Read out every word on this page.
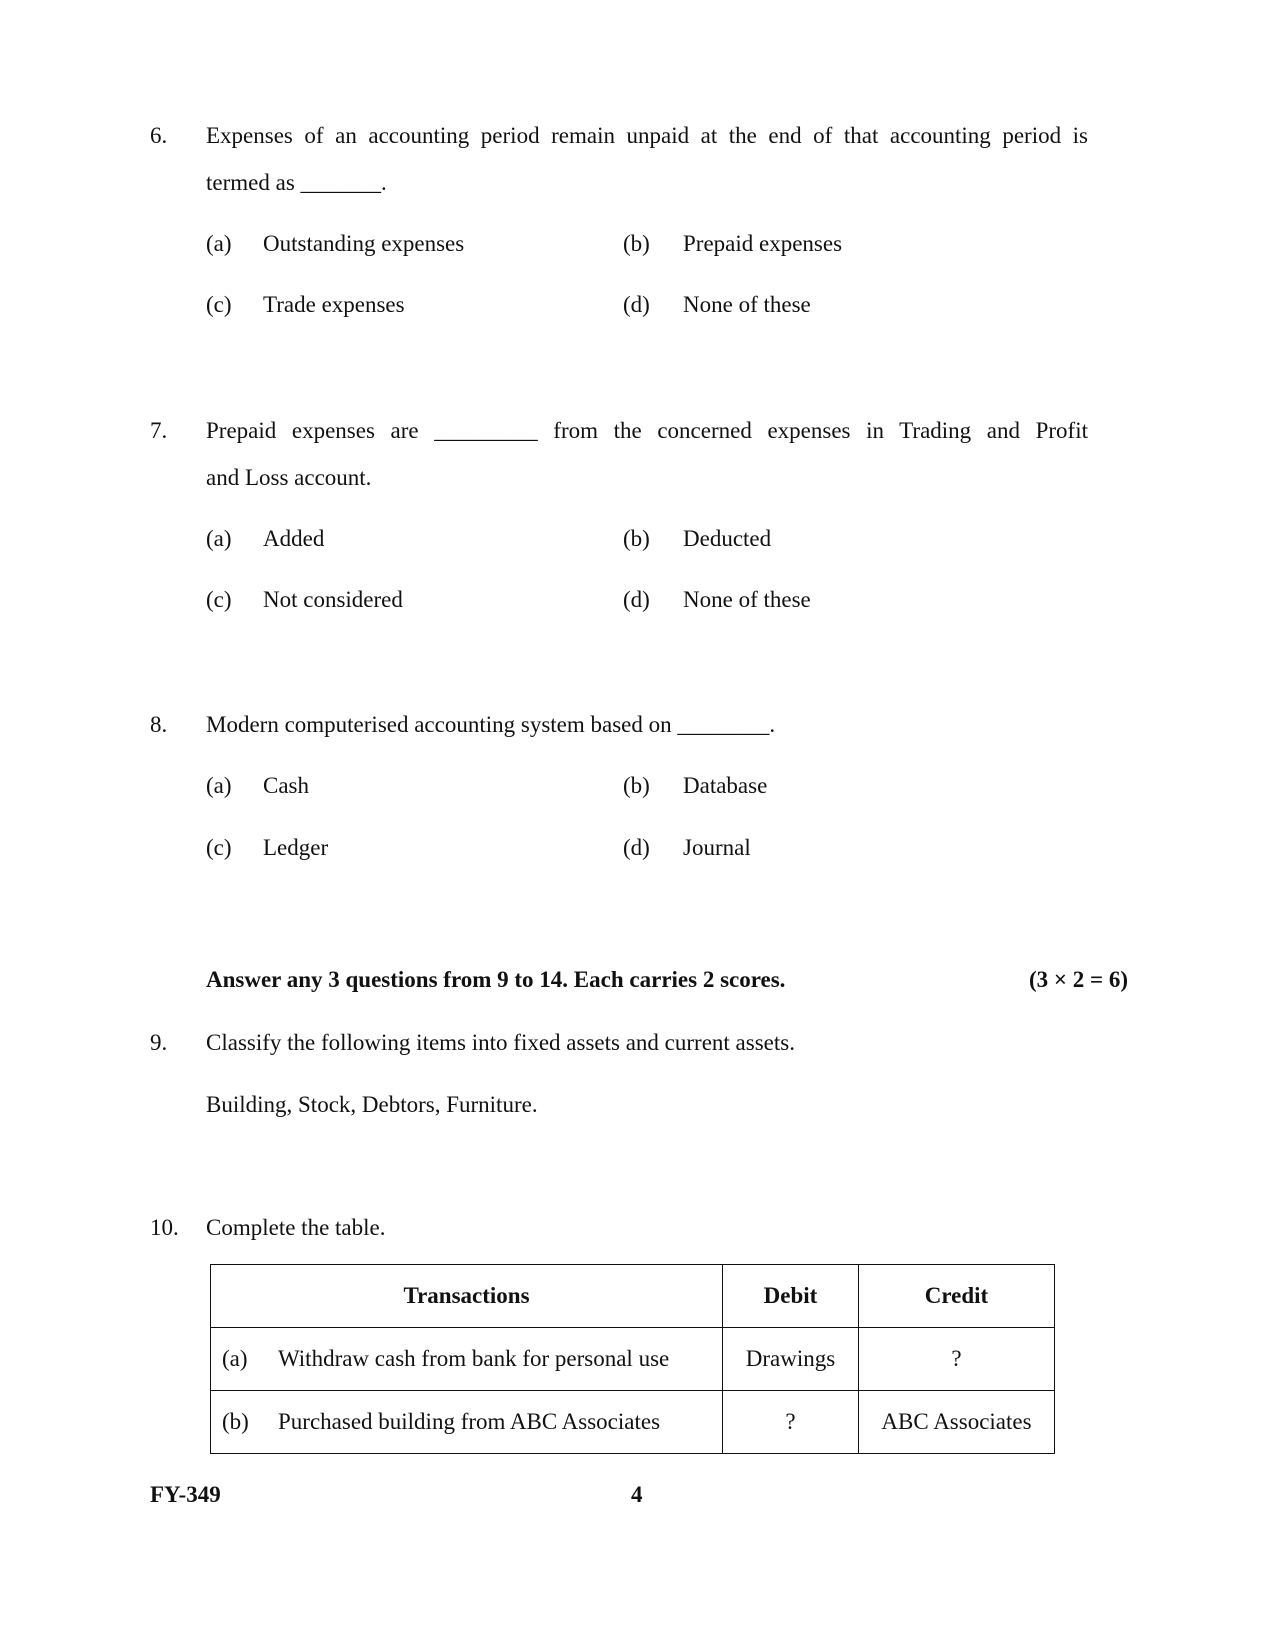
6. Expenses of an accounting period remain unpaid at the end of that accounting period is
termed as _______.
(a) Outstanding expenses	(b) Prepaid expenses
(c) Trade expenses	(d) None of these
7. Prepaid expenses are _________ from the concerned expenses in Trading and Profit
and Loss account.
(a) Added	(b) Deducted
(c) Not considered	(d) None of these
8. Modern computerised accounting system based on ________.
(a) Cash	(b) Database
(c) Ledger	(d) Journal
Answer any 3 questions from 9 to 14. Each carries 2 scores.	(3 × 2 = 6)
9. Classify the following items into fixed assets and current assets.
Building, Stock, Debtors, Furniture.
10. Complete the table.
Transactions	Debit	Credit
(a) Withdraw cash from bank for personal use	Drawings	?
(b) Purchased building from ABC Associates	?	ABC Associates
FY-349	4
